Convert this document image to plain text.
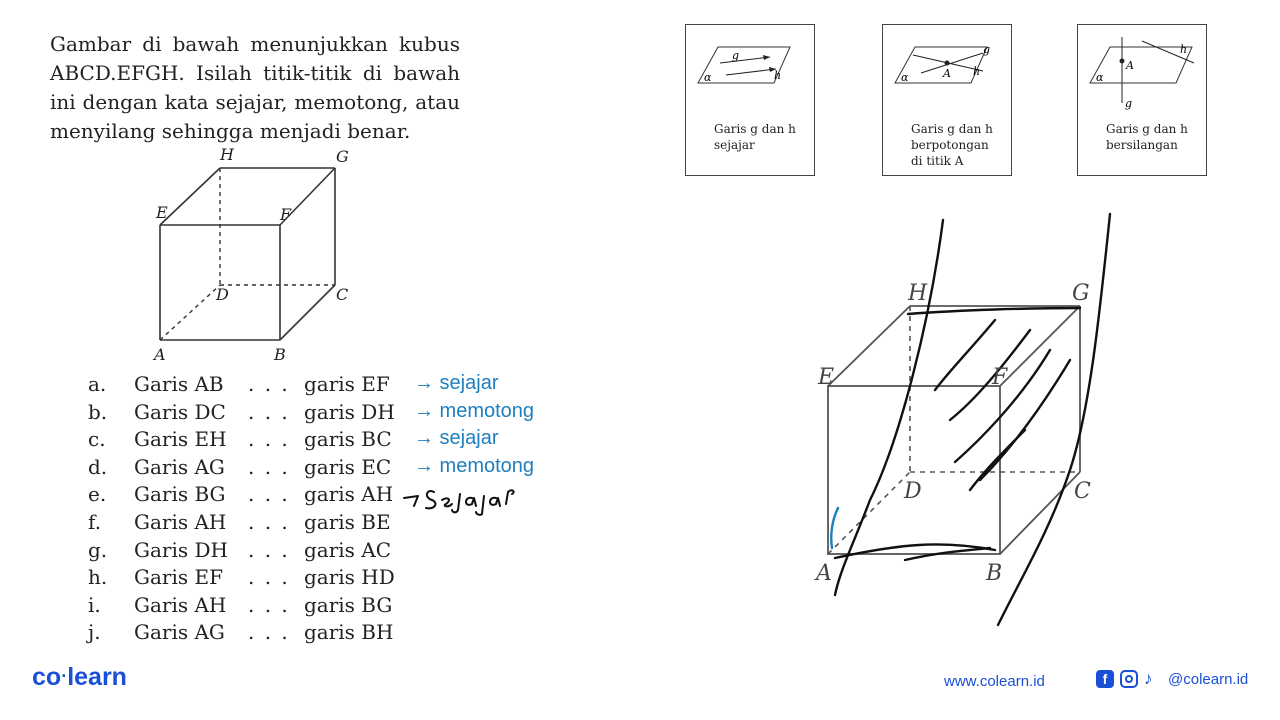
Gambar di bawah menunjukkan kubus ABCD.EFGH. Isilah titik-titik di bawah ini dengan kata sejajar, memotong, atau menyilang sehingga menjadi benar.

H	G
E	F
D	C
A	B
a. Garis AB . . . garis EF → sejajar
b. Garis DC . . . garis DH → memotong
c. Garis EH . . . garis BC → sejajar
d. Garis AG . . . garis EC → memotong
e. Garis BG . . . garis AH
f. Garis AH . . . garis BE
g. Garis DH . . . garis AC
h. Garis EF . . . garis HD
i. Garis AH . . . garis BG
j. Garis AG . . . garis BH
g
h
α
Garis g dan h
sejajar
g
h
A
α
Garis g dan h
berpotongan
di titik A
h
A
g
α
Garis g dan h
bersilangan
H	G
E	F
D	C
A	B
co·learn	www.colearn.id	f	♪	@colearn.id
